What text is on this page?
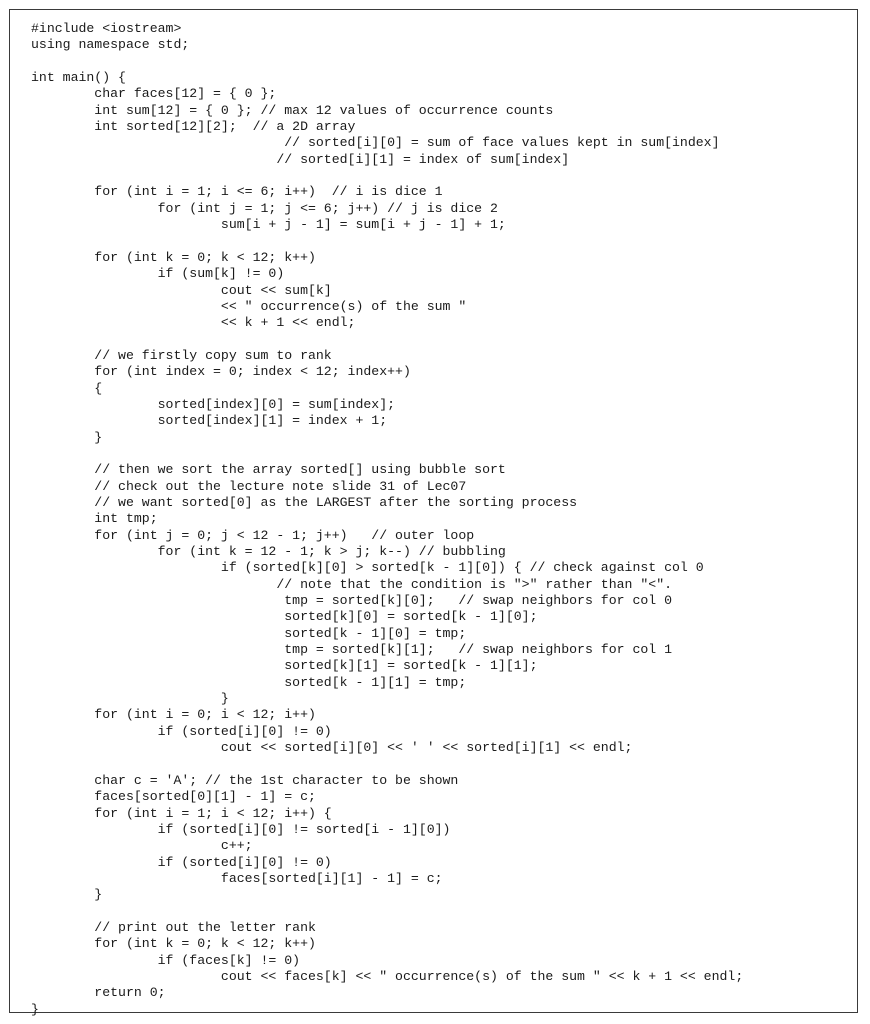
#include <iostream>
using namespace std;
int main() {
char faces[12] = { 0 };
int sum[12] = { 0 }; // max 12 values of occurrence counts
int sorted[12][2];  // a 2D array
// sorted[i][0] = sum of face values kept in sum[index]
// sorted[i][1] = index of sum[index]
for (int i = 1; i <= 6; i++)  // i is dice 1
for (int j = 1; j <= 6; j++) // j is dice 2
sum[i + j - 1] = sum[i + j - 1] + 1;
for (int k = 0; k < 12; k++)
if (sum[k] != 0)
cout << sum[k]
<< " occurrence(s) of the sum "
<< k + 1 << endl;
// we firstly copy sum to rank
for (int index = 0; index < 12; index++)
{
sorted[index][0] = sum[index];
sorted[index][1] = index + 1;
}
// then we sort the array sorted[] using bubble sort
// check out the lecture note slide 31 of Lec07
// we want sorted[0] as the LARGEST after the sorting process
int tmp;
for (int j = 0; j < 12 - 1; j++)   // outer loop
for (int k = 12 - 1; k > j; k--) // bubbling
if (sorted[k][0] > sorted[k - 1][0]) { // check against col 0
// note that the condition is ">" rather than "<".
tmp = sorted[k][0];   // swap neighbors for col 0
sorted[k][0] = sorted[k - 1][0];
sorted[k - 1][0] = tmp;
tmp = sorted[k][1];   // swap neighbors for col 1
sorted[k][1] = sorted[k - 1][1];
sorted[k - 1][1] = tmp;
}
for (int i = 0; i < 12; i++)
if (sorted[i][0] != 0)
cout << sorted[i][0] << ' ' << sorted[i][1] << endl;
char c = 'A'; // the 1st character to be shown
faces[sorted[0][1] - 1] = c;
for (int i = 1; i < 12; i++) {
if (sorted[i][0] != sorted[i - 1][0])
c++;
if (sorted[i][0] != 0)
faces[sorted[i][1] - 1] = c;
}
// print out the letter rank
for (int k = 0; k < 12; k++)
if (faces[k] != 0)
cout << faces[k] << " occurrence(s) of the sum " << k + 1 << endl;
return 0;
}
